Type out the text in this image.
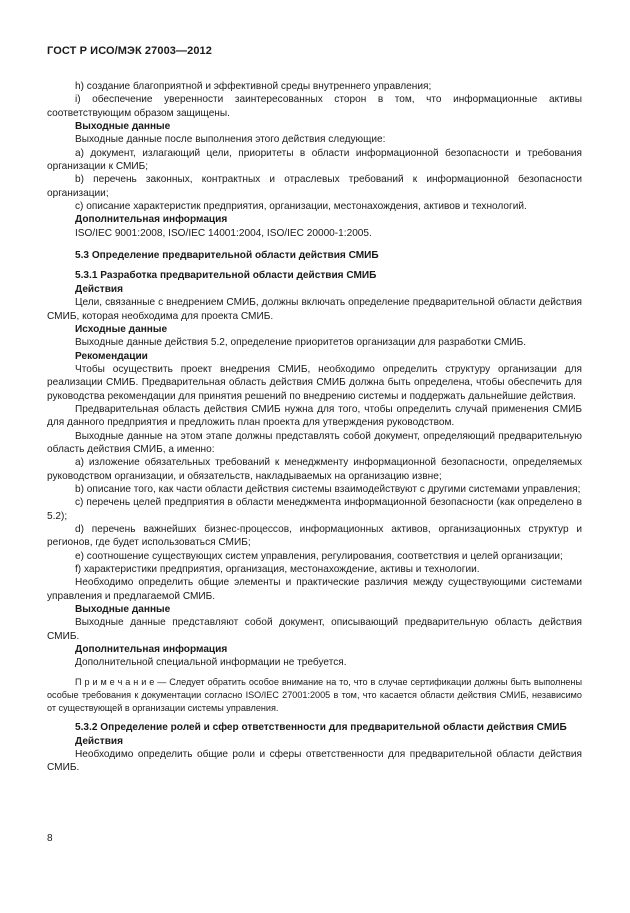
ГОСТ Р ИСО/МЭК 27003—2012

h) создание благоприятной и эффективной среды внутреннего управления;

i) обеспечение уверенности заинтересованных сторон в том, что информационные активы соответствующим образом защищены.

Выходные данные

Выходные данные после выполнения этого действия следующие:

а) документ, излагающий цели, приоритеты в области информационной безопасности и требования организации к СМИБ;

b) перечень законных, контрактных и отраслевых требований к информационной безопасности организации;

с) описание характеристик предприятия, организации, местонахождения, активов и технологий.

Дополнительная информация

ISO/IEC 9001:2008, ISO/IEC 14001:2004, ISO/IEC 20000-1:2005.

5.3 Определение предварительной области действия СМИБ
5.3.1 Разработка предварительной области действия СМИБ
Действия

Цели, связанные с внедрением СМИБ, должны включать определение предварительной области действия СМИБ, которая необходима для проекта СМИБ.

Исходные данные

Выходные данные действия 5.2, определение приоритетов организации для разработки СМИБ.

Рекомендации

Чтобы осуществить проект внедрения СМИБ, необходимо определить структуру организации для реализации СМИБ. Предварительная область действия СМИБ должна быть определена, чтобы обеспечить для руководства рекомендации для принятия решений по внедрению системы и поддержать дальнейшие действия.

Предварительная область действия СМИБ нужна для того, чтобы определить случай применения СМИБ для данного предприятия и предложить план проекта для утверждения руководством.

Выходные данные на этом этапе должны представлять собой документ, определяющий предварительную область действия СМИБ, а именно:

а) изложение обязательных требований к менеджменту информационной безопасности, определяемых руководством организации, и обязательств, накладываемых на организацию извне;

b) описание того, как части области действия системы взаимодействуют с другими системами управления;

с) перечень целей предприятия в области менеджмента информационной безопасности (как определено в 5.2);

d) перечень важнейших бизнес-процессов, информационных активов, организационных структур и регионов, где будет использоваться СМИБ;

е) соотношение существующих систем управления, регулирования, соответствия и целей организации;

f) характеристики предприятия, организация, местонахождение, активы и технологии.

Необходимо определить общие элементы и практические различия между существующими системами управления и предлагаемой СМИБ.

Выходные данные

Выходные данные представляют собой документ, описывающий предварительную область действия СМИБ.

Дополнительная информация

Дополнительной специальной информации не требуется.

П р и м е ч а н и е — Следует обратить особое внимание на то, что в случае сертификации должны быть выполнены особые требования к документации согласно ISO/IEC 27001:2005 в том, что касается области действия СМИБ, независимо от существующей в организации системы управления.

5.3.2 Определение ролей и сфер ответственности для предварительной области действия СМИБ

Действия

Необходимо определить общие роли и сферы ответственности для предварительной области действия СМИБ.

8
